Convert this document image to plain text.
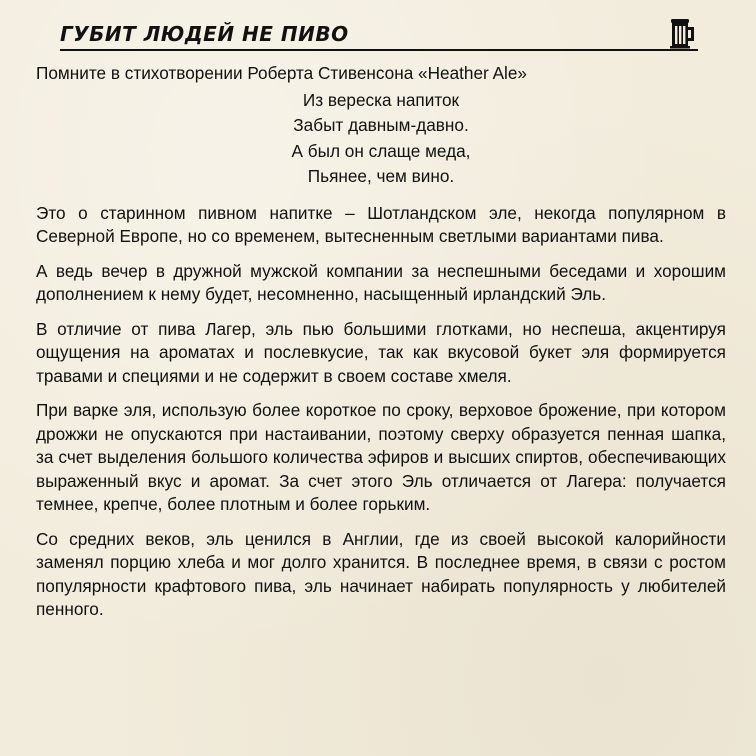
ГУБИТ ЛЮДЕЙ НЕ ПИВО

Помните в стихотворении Роберта Стивенсона «Heather Ale»

Из вереска напиток
Забыт давным-давно.
А был он слаще меда,
Пьянее, чем вино.

Это о старинном пивном напитке – Шотландском эле, некогда популярном в Северной Европе, но со временем, вытесненным светлыми вариантами пива.

А ведь вечер в дружной мужской компании за неспешными беседами и хорошим дополнением к нему будет, несомненно, насыщенный ирландский Эль.

В отличие от пива Лагер, эль пью большими глотками, но неспеша, акцентируя ощущения на ароматах и послевкусие, так как вкусовой букет эля формируется травами и специями и не содержит в своем составе хмеля.

При варке эля, использую более короткое по сроку, верховое брожение, при котором дрожжи не опускаются при настаивании, поэтому сверху образуется пенная шапка, за счет выделения большого количества эфиров и высших спиртов, обеспечивающих выраженный вкус и аромат. За счет этого Эль отличается от Лагера: получается темнее, крепче, более плотным и более горьким.

Со средних веков, эль ценился в Англии, где из своей высокой калорийности заменял порцию хлеба и мог долго хранится. В последнее время, в связи с ростом популярности крафтового пива, эль начинает набирать популярность у любителей пенного.
